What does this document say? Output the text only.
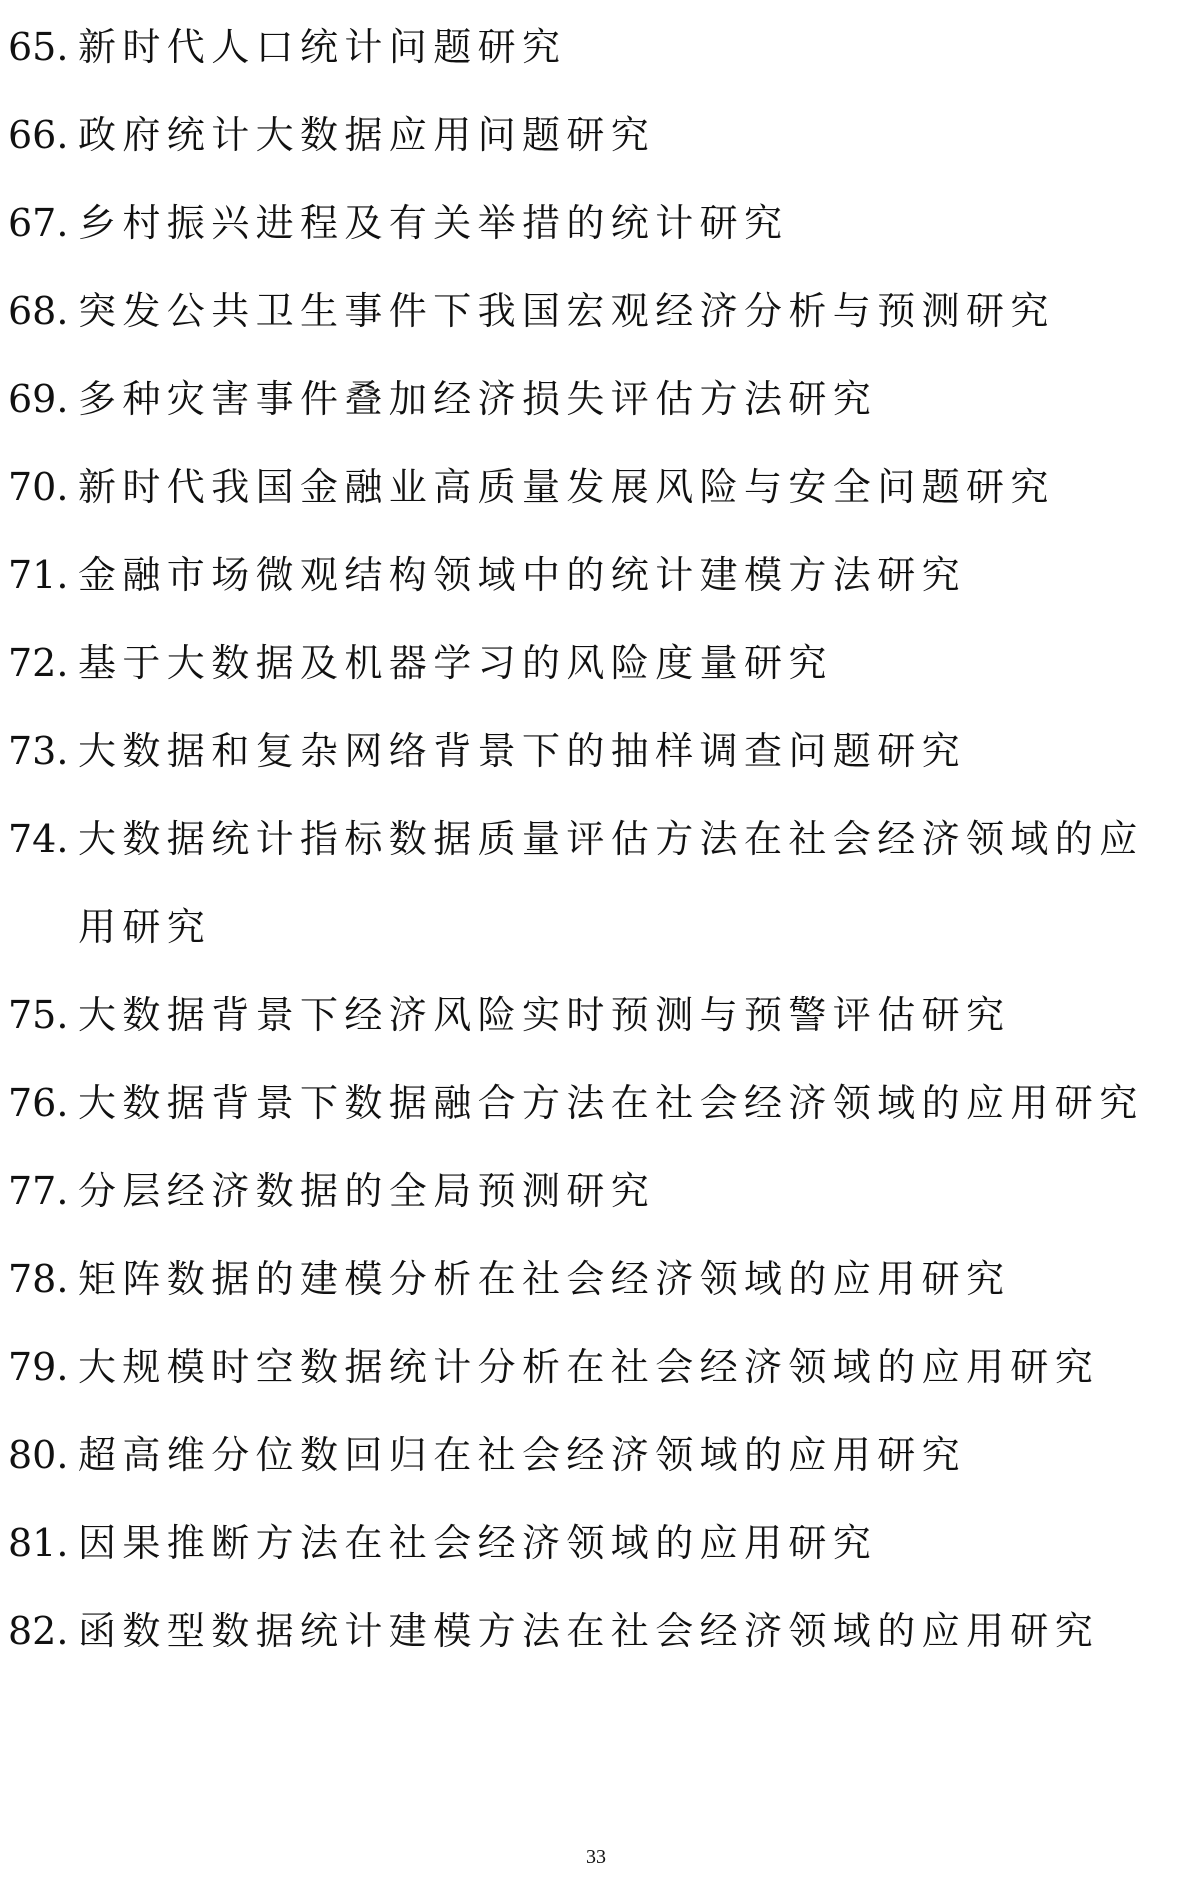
65. 新时代人口统计问题研究
66. 政府统计大数据应用问题研究
67. 乡村振兴进程及有关举措的统计研究
68. 突发公共卫生事件下我国宏观经济分析与预测研究
69. 多种灾害事件叠加经济损失评估方法研究
70. 新时代我国金融业高质量发展风险与安全问题研究
71. 金融市场微观结构领域中的统计建模方法研究
72. 基于大数据及机器学习的风险度量研究
73. 大数据和复杂网络背景下的抽样调查问题研究
74. 大数据统计指标数据质量评估方法在社会经济领域的应用研究
75. 大数据背景下经济风险实时预测与预警评估研究
76. 大数据背景下数据融合方法在社会经济领域的应用研究
77. 分层经济数据的全局预测研究
78. 矩阵数据的建模分析在社会经济领域的应用研究
79. 大规模时空数据统计分析在社会经济领域的应用研究
80. 超高维分位数回归在社会经济领域的应用研究
81. 因果推断方法在社会经济领域的应用研究
82. 函数型数据统计建模方法在社会经济领域的应用研究
33
